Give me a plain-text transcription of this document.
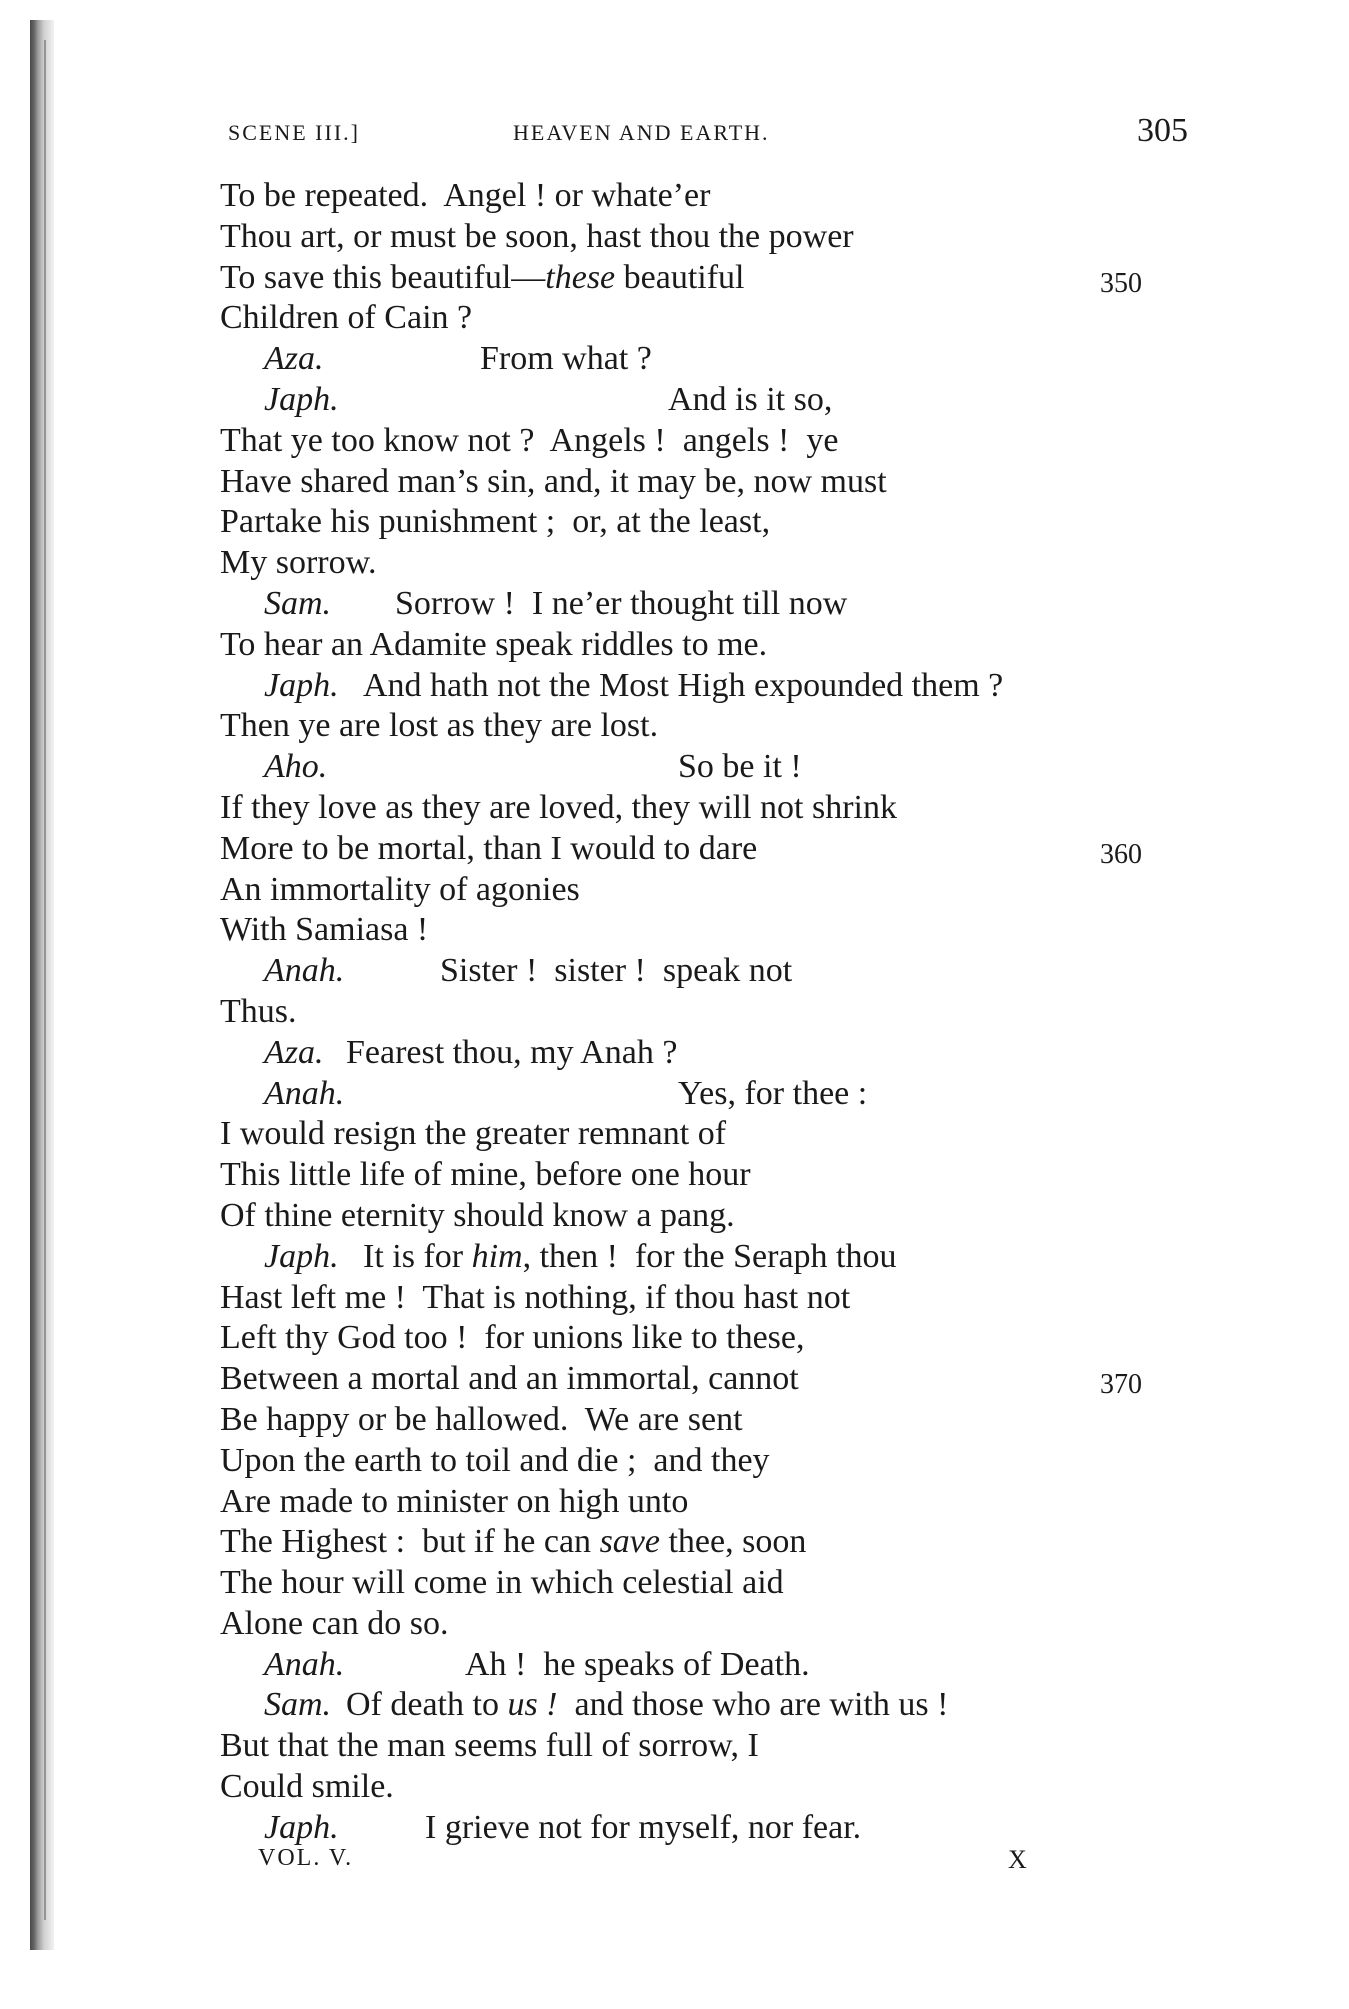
SCENE III.]	HEAVEN AND EARTH.	305
To be repeated.  Angel ! or whate’er
Thou art, or must be soon, hast thou the power
To save this beautiful—these beautiful	350
Children of Cain ?
Aza.	From what ?
Japh.	And is it so,
That ye too know not ?  Angels !  angels !  ye
Have shared man’s sin, and, it may be, now must
Partake his punishment ;  or, at the least,
My sorrow.
Sam. Sorrow !  I ne’er thought till now
To hear an Adamite speak riddles to me.
Japh. And hath not the Most High expounded them ?
Then ye are lost as they are lost.
Aho.	So be it !
If they love as they are loved, they will not shrink
More to be mortal, than I would to dare	360
An immortality of agonies
With Samiasa !
Anah.	Sister !  sister !  speak not
Thus.
Aza. Fearest thou, my Anah ?
Anah.	Yes, for thee :
I would resign the greater remnant of
This little life of mine, before one hour
Of thine eternity should know a pang.
Japh. It is for him, then !  for the Seraph thou
Hast left me !  That is nothing, if thou hast not
Left thy God too !  for unions like to these,
Between a mortal and an immortal, cannot	370
Be happy or be hallowed.  We are sent
Upon the earth to toil and die ;  and they
Are made to minister on high unto
The Highest :  but if he can save thee, soon
The hour will come in which celestial aid
Alone can do so.
Anah.	Ah !  he speaks of Death.
Sam. Of death to us !  and those who are with us !
But that the man seems full of sorrow, I
Could smile.
Japh.	I grieve not for myself, nor fear.
VOL. V.	X
